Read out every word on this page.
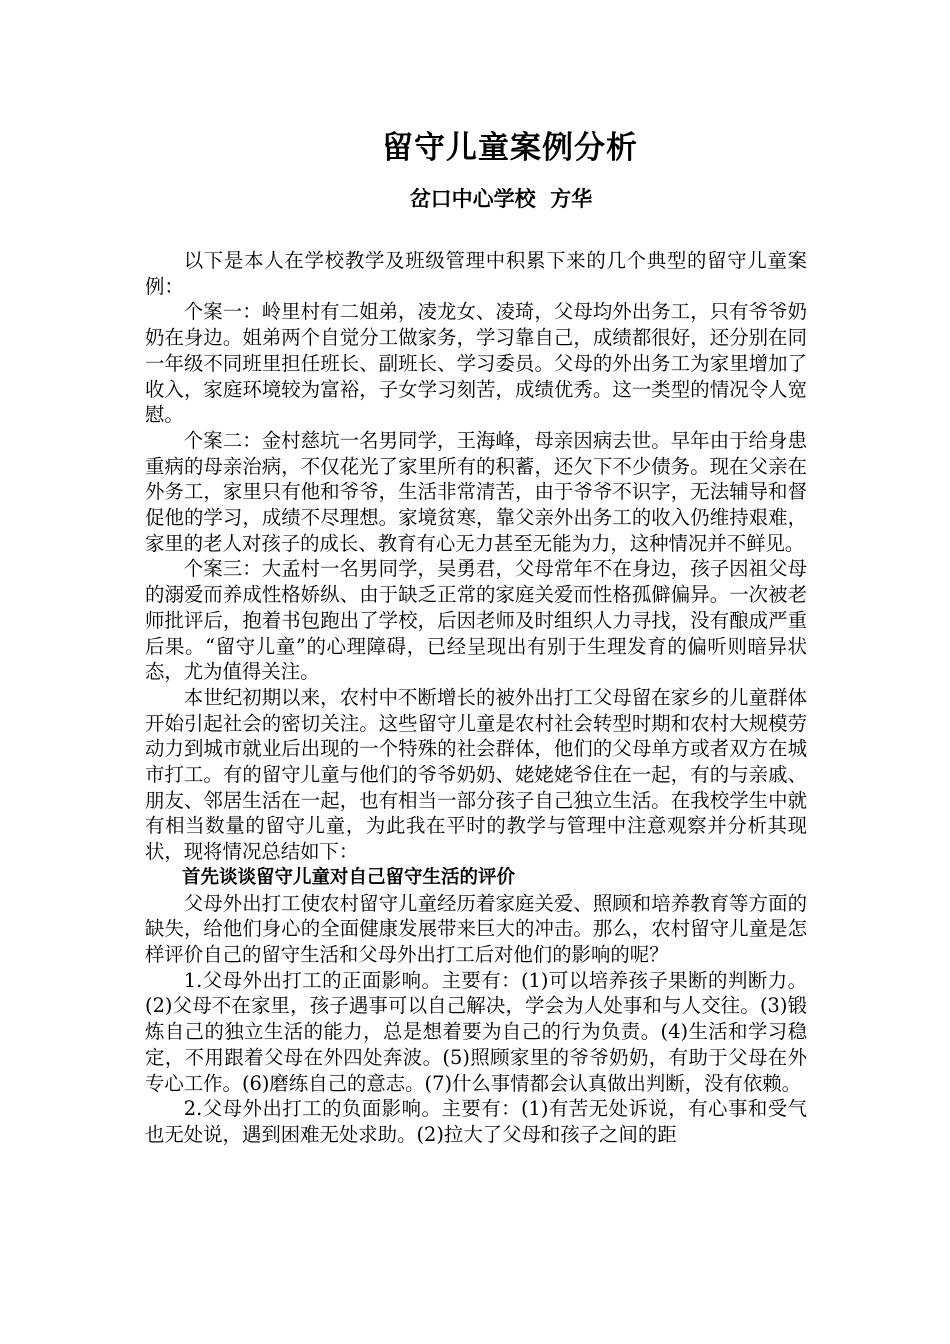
留守儿童案例分析
岔口中心学校  方华

以下是本人在学校教学及班级管理中积累下来的几个典型的留守儿童案例：

个案一：岭里村有二姐弟，凌龙女、凌琦，父母均外出务工，只有爷爷奶奶在身边。姐弟两个自觉分工做家务，学习靠自己，成绩都很好，还分别在同一年级不同班里担任班长、副班长、学习委员。父母的外出务工为家里增加了收入，家庭环境较为富裕，子女学习刻苦，成绩优秀。这一类型的情况令人宽慰。

个案二：金村慈坑一名男同学，王海峰，母亲因病去世。早年由于给身患重病的母亲治病，不仅花光了家里所有的积蓄，还欠下不少债务。现在父亲在外务工，家里只有他和爷爷，生活非常清苦，由于爷爷不识字，无法辅导和督促他的学习，成绩不尽理想。家境贫寒，靠父亲外出务工的收入仍维持艰难，家里的老人对孩子的成长、教育有心无力甚至无能为力，这种情况并不鲜见。

个案三：大孟村一名男同学，吴勇君，父母常年不在身边，孩子因祖父母的溺爱而养成性格娇纵、由于缺乏正常的家庭关爱而性格孤僻偏异。一次被老师批评后，抱着书包跑出了学校，后因老师及时组织人力寻找，没有酿成严重后果。“留守儿童”的心理障碍，已经呈现出有别于生理发育的偏听则暗异状态，尤为值得关注。

本世纪初期以来，农村中不断增长的被外出打工父母留在家乡的儿童群体开始引起社会的密切关注。这些留守儿童是农村社会转型时期和农村大规模劳动力到城市就业后出现的一个特殊的社会群体，他们的父母单方或者双方在城市打工。有的留守儿童与他们的爷爷奶奶、姥姥姥爷住在一起，有的与亲戚、朋友、邻居生活在一起，也有相当一部分孩子自己独立生活。在我校学生中就有相当数量的留守儿童，为此我在平时的教学与管理中注意观察并分析其现状，现将情况总结如下：

首先谈谈留守儿童对自己留守生活的评价

父母外出打工使农村留守儿童经历着家庭关爱、照顾和培养教育等方面的缺失，给他们身心的全面健康发展带来巨大的冲击。那么，农村留守儿童是怎样评价自己的留守生活和父母外出打工后对他们的影响的呢？

1.父母外出打工的正面影响。主要有：(1)可以培养孩子果断的判断力。(2)父母不在家里，孩子遇事可以自己解决，学会为人处事和与人交往。(3)锻炼自己的独立生活的能力，总是想着要为自己的行为负责。(4)生活和学习稳定，不用跟着父母在外四处奔波。(5)照顾家里的爷爷奶奶，有助于父母在外专心工作。(6)磨练自己的意志。(7)什么事情都会认真做出判断，没有依赖。

2.父母外出打工的负面影响。主要有：(1)有苦无处诉说，有心事和受气也无处说，遇到困难无处求助。(2)拉大了父母和孩子之间的距
